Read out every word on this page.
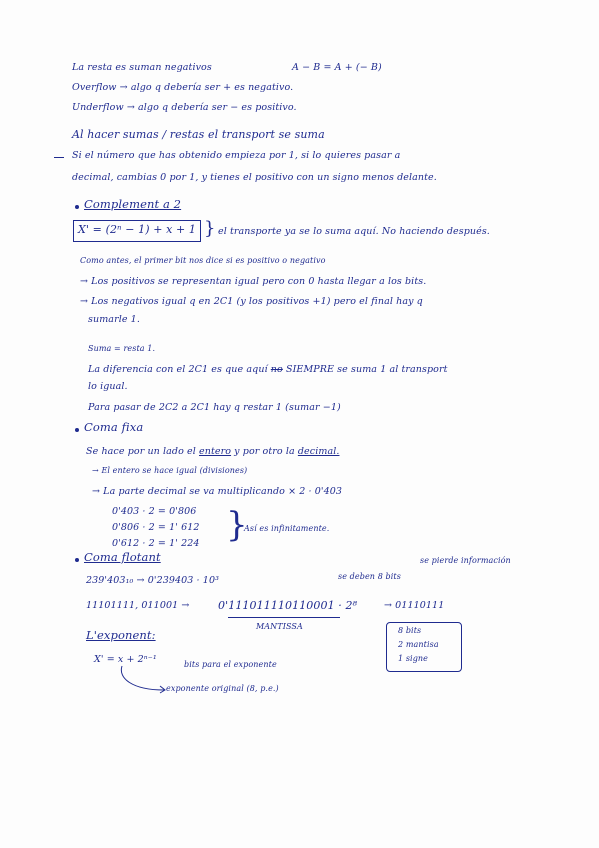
La resta es suman negativos	A − B = A + (− B)
Overflow → algo q debería ser + es negativo.
Underflow → algo q debería ser − es positivo.
Al hacer sumas / restas el transport se suma
Si el número que has obtenido empieza por 1, si lo quieres pasar a
decimal, cambias 0 por 1, y tienes el positivo con un signo menos delante.
Complement a 2
X' = (2ⁿ − 1) + x + 1 } el transporte ya se lo suma aquí. No haciendo después.
Como antes, el primer bit nos dice si es positivo o negativo
→ Los positivos se representan igual pero con 0 hasta llegar a los bits.
→ Los negativos igual q en 2C1 (y los positivos +1) pero el final hay q
sumarle 1.
Suma = resta 1.
La diferencia con el 2C1 es que aquí no SIEMPRE se suma 1 al transport
lo igual.
Para pasar de 2C2 a 2C1 hay q restar 1 (sumar −1)
Coma fixa
Se hace por un lado el entero y por otro la decimal.
→ El entero se hace igual (divisiones)
→ La parte decimal se va multiplicando × 2 · 0'403
0'403 · 2 = 0'806
0'806 · 2 = 1' 612
0'612 · 2 = 1' 224 }
Así es infinitamente.
Coma flotant	se pierde información
se deben 8 bits
239'403₁₀ → 0'239403 · 10³
11101111, 011001 →	0'111011110110001 · 2⁸	→ 01110111
MANTISSA	8 bits
2 mantisa
1 signe
L'exponent:
X' = x + 2ⁿ⁻¹	bits para el exponente
exponente original (8, p.e.)
